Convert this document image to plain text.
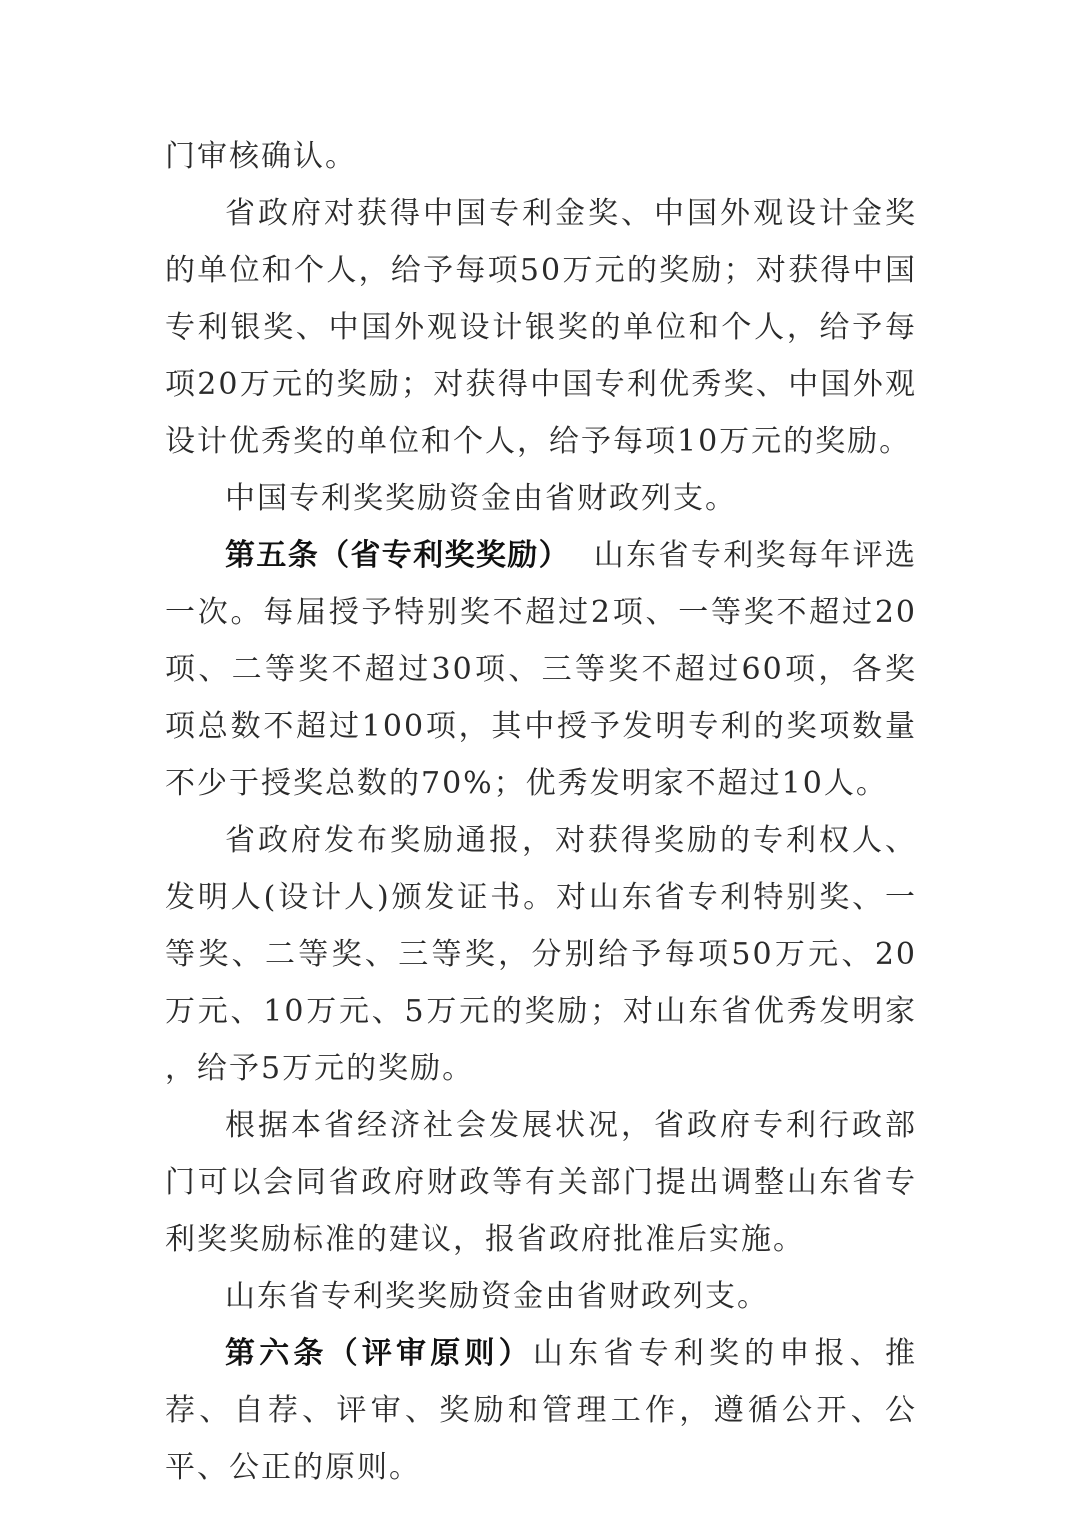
门审核确认。

省政府对获得中国专利金奖、中国外观设计金奖的单位和个人，给予每项50万元的奖励；对获得中国专利银奖、中国外观设计银奖的单位和个人，给予每项20万元的奖励；对获得中国专利优秀奖、中国外观设计优秀奖的单位和个人，给予每项10万元的奖励。

中国专利奖奖励资金由省财政列支。

第五条（省专利奖奖励） 山东省专利奖每年评选一次。每届授予特别奖不超过2项、一等奖不超过20项、二等奖不超过30项、三等奖不超过60项，各奖项总数不超过100项，其中授予发明专利的奖项数量不少于授奖总数的70%；优秀发明家不超过10人。

省政府发布奖励通报，对获得奖励的专利权人、发明人(设计人)颁发证书。对山东省专利特别奖、一等奖、二等奖、三等奖，分别给予每项50万元、20万元、10万元、5万元的奖励；对山东省优秀发明家 ，给予5万元的奖励。

根据本省经济社会发展状况，省政府专利行政部门可以会同省政府财政等有关部门提出调整山东省专利奖奖励标准的建议，报省政府批准后实施。

山东省专利奖奖励资金由省财政列支。

第六条（评审原则）山东省专利奖的申报、推荐、自荐、评审、奖励和管理工作，遵循公开、公平、公正的原则。
